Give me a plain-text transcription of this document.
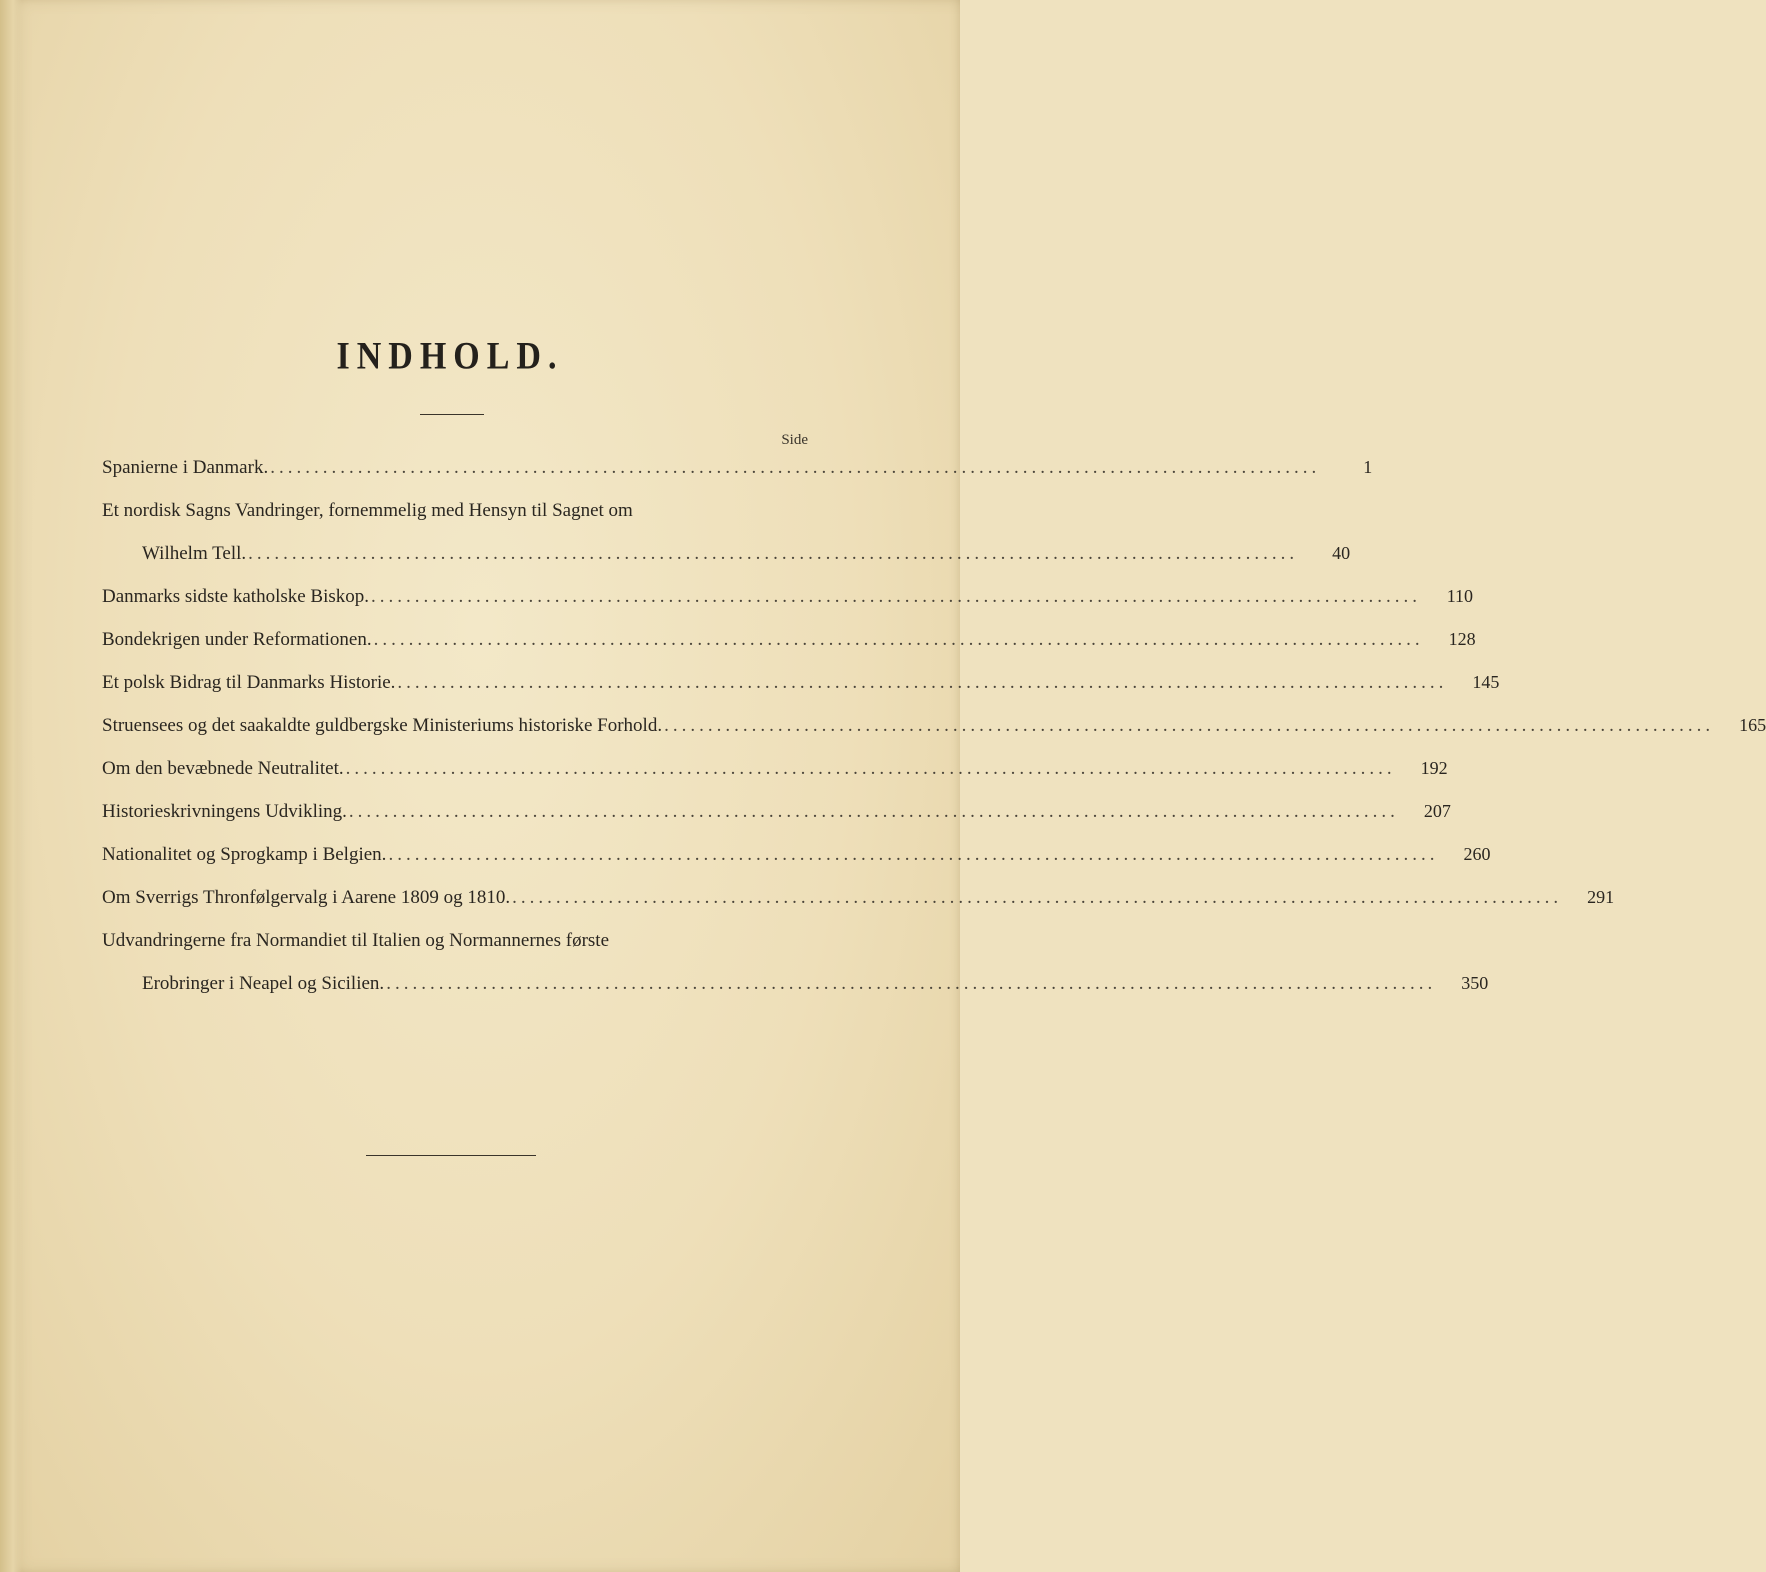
INDHOLD.
Side
Spanierne i Danmark. ........................................................................................................................	1
Et nordisk Sagns Vandringer, fornemmelig med Hensyn til Sagnet om
Wilhelm Tell. ........................................................................................................................	40
Danmarks sidste katholske Biskop. ........................................................................................................................	110
Bondekrigen under Reformationen. ........................................................................................................................	128
Et polsk Bidrag til Danmarks Historie. ........................................................................................................................	145
Struensees og det saakaldte guldbergske Ministeriums historiske Forhold. ........................................................................................................................	165
Om den bevæbnede Neutralitet. ........................................................................................................................	192
Historieskrivningens Udvikling. ........................................................................................................................	207
Nationalitet og Sprogkamp i Belgien. ........................................................................................................................	260
Om Sverrigs Thronfølgervalg i Aarene 1809 og 1810. ........................................................................................................................	291
Udvandringerne fra Normandiet til Italien og Normannernes første
Erobringer i Neapel og Sicilien. ........................................................................................................................	350
